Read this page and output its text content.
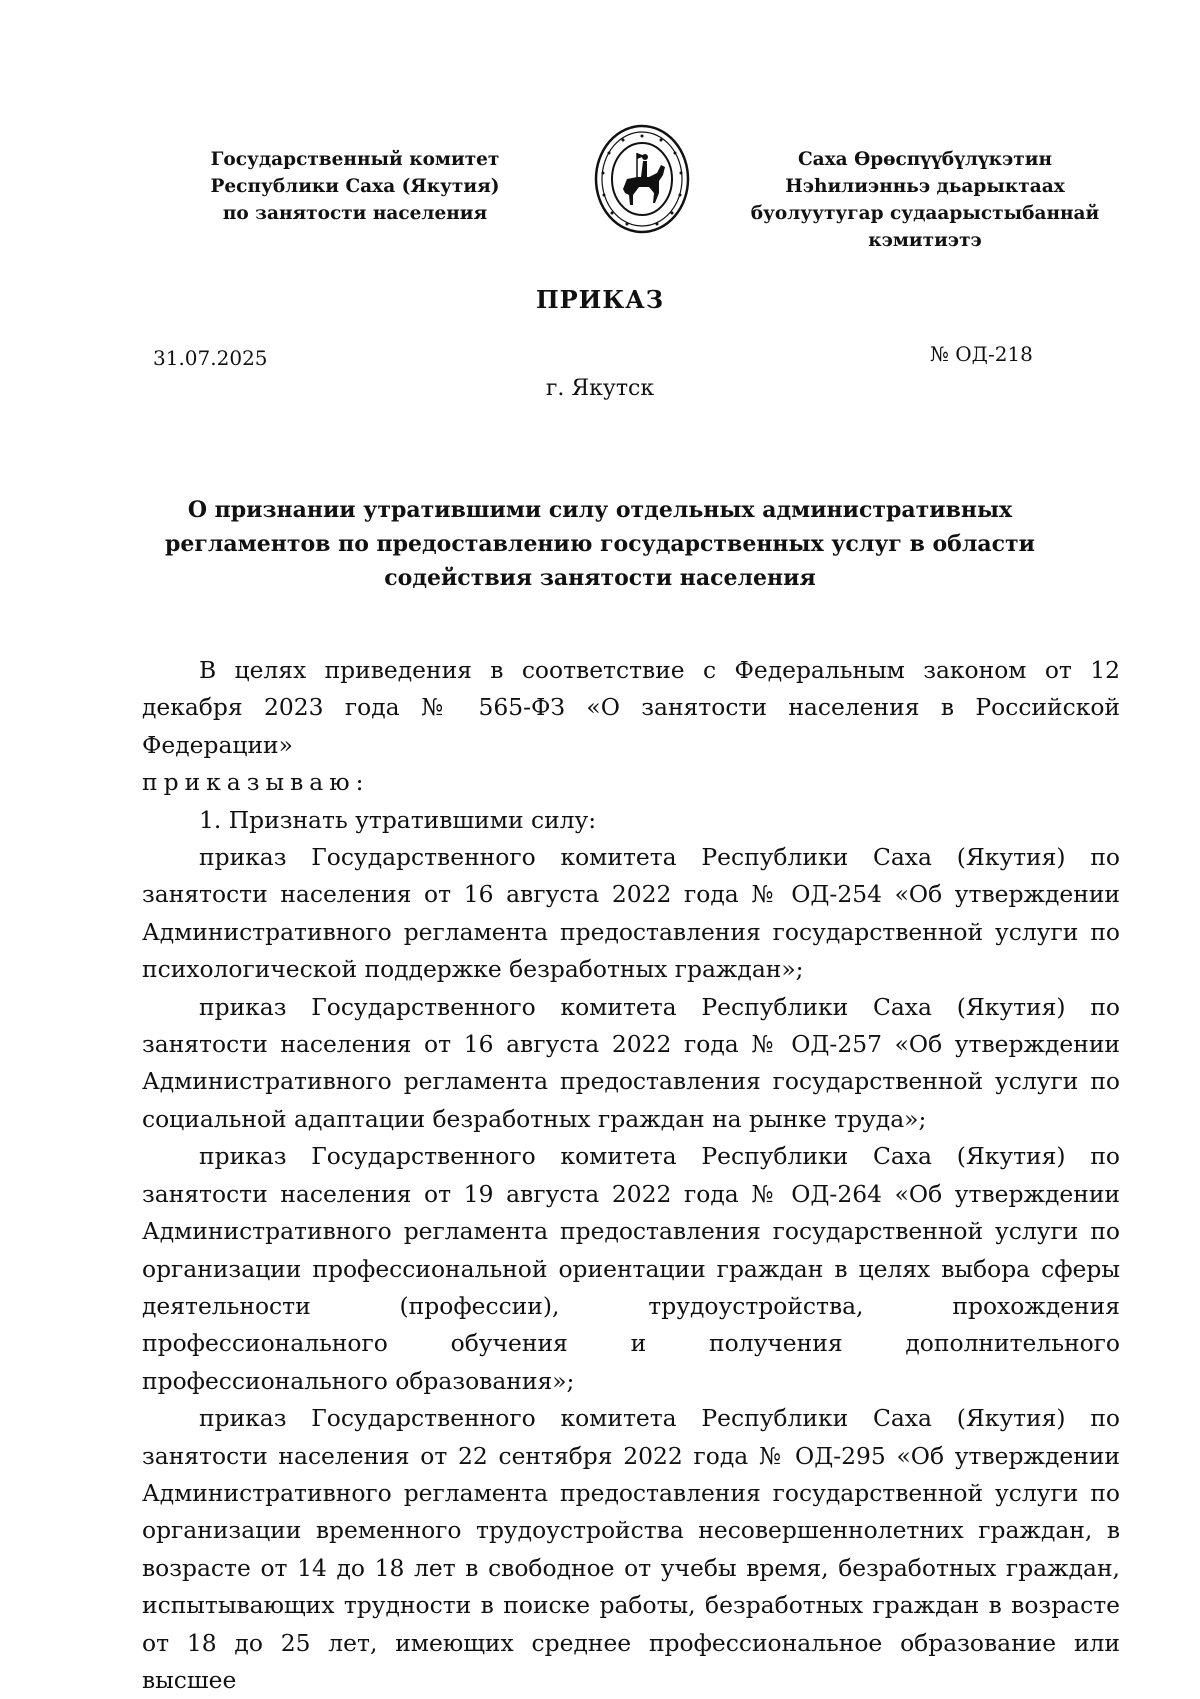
Государственный комитет
Республики Саха (Якутия)
по занятости населения
Саха Өрөспүүбүлүкэтин
Нэһилиэнньэ дьарыктаах
буолуутугар судаарыстыбаннай
кэмитиэтэ
ПРИКАЗ
31.07.2025	№ ОД-218
г. Якутск
О признании утратившими силу отдельных административных
регламентов по предоставлению государственных услуг в области
содействия занятости населения

В целях приведения в соответствие с Федеральным законом от 12 декабря 2023 года № 565-ФЗ «О занятости населения в Российской Федерации»
приказываю:

1. Признать утратившими силу:

приказ Государственного комитета Республики Саха (Якутия) по занятости населения от 16 августа 2022 года № ОД-254 «Об утверждении Административного регламента предоставления государственной услуги по психологической поддержке безработных граждан»;

приказ Государственного комитета Республики Саха (Якутия) по занятости населения от 16 августа 2022 года № ОД-257 «Об утверждении Административного регламента предоставления государственной услуги по социальной адаптации безработных граждан на рынке труда»;

приказ Государственного комитета Республики Саха (Якутия) по занятости населения от 19 августа 2022 года № ОД-264 «Об утверждении Административного регламента предоставления государственной услуги по организации профессиональной ориентации граждан в целях выбора сферы деятельности (профессии), трудоустройства, прохождения профессионального обучения и получения дополнительного профессионального образования»;

приказ Государственного комитета Республики Саха (Якутия) по занятости населения от 22 сентября 2022 года № ОД-295 «Об утверждении Административного регламента предоставления государственной услуги по организации временного трудоустройства несовершеннолетних граждан, в возрасте от 14 до 18 лет в свободное от учебы время, безработных граждан, испытывающих трудности в поиске работы, безработных граждан в возрасте от 18 до 25 лет, имеющих среднее профессиональное образование или высшее
